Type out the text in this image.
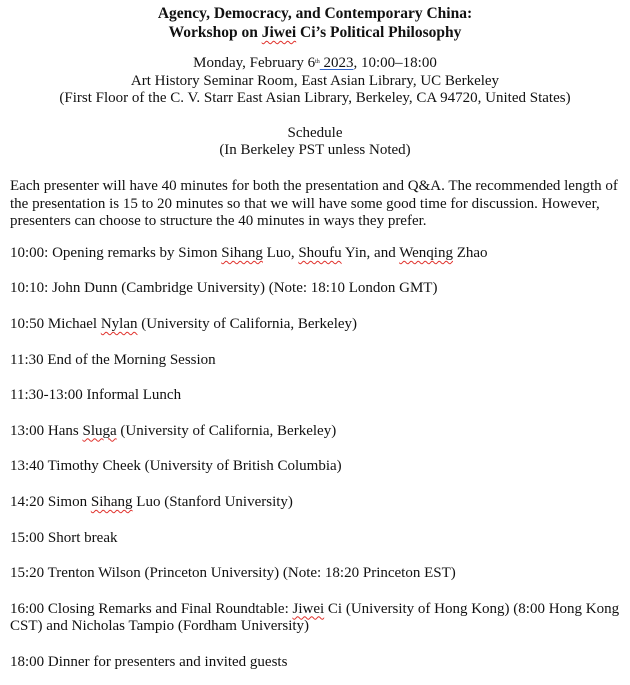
Agency, Democracy, and Contemporary China:
Workshop on Jiwei Ci’s Political Philosophy
Monday, February 6th 2023, 10:00–18:00
Art History Seminar Room, East Asian Library, UC Berkeley
(First Floor of the C. V. Starr East Asian Library, Berkeley, CA 94720, United States)
Schedule
(In Berkeley PST unless Noted)

Each presenter will have 40 minutes for both the presentation and Q&A. The recommended length of the presentation is 15 to 20 minutes so that we will have some good time for discussion. However, presenters can choose to structure the 40 minutes in ways they prefer.

10:00: Opening remarks by Simon Sihang Luo, Shoufu Yin, and Wenqing Zhao

10:10: John Dunn (Cambridge University) (Note: 18:10 London GMT)

10:50 Michael Nylan (University of California, Berkeley)

11:30 End of the Morning Session

11:30-13:00 Informal Lunch

13:00 Hans Sluga (University of California, Berkeley)

13:40 Timothy Cheek (University of British Columbia)

14:20 Simon Sihang Luo (Stanford University)

15:00 Short break

15:20 Trenton Wilson (Princeton University) (Note: 18:20 Princeton EST)

16:00 Closing Remarks and Final Roundtable: Jiwei Ci (University of Hong Kong) (8:00 Hong Kong CST) and Nicholas Tampio (Fordham University)

18:00 Dinner for presenters and invited guests
